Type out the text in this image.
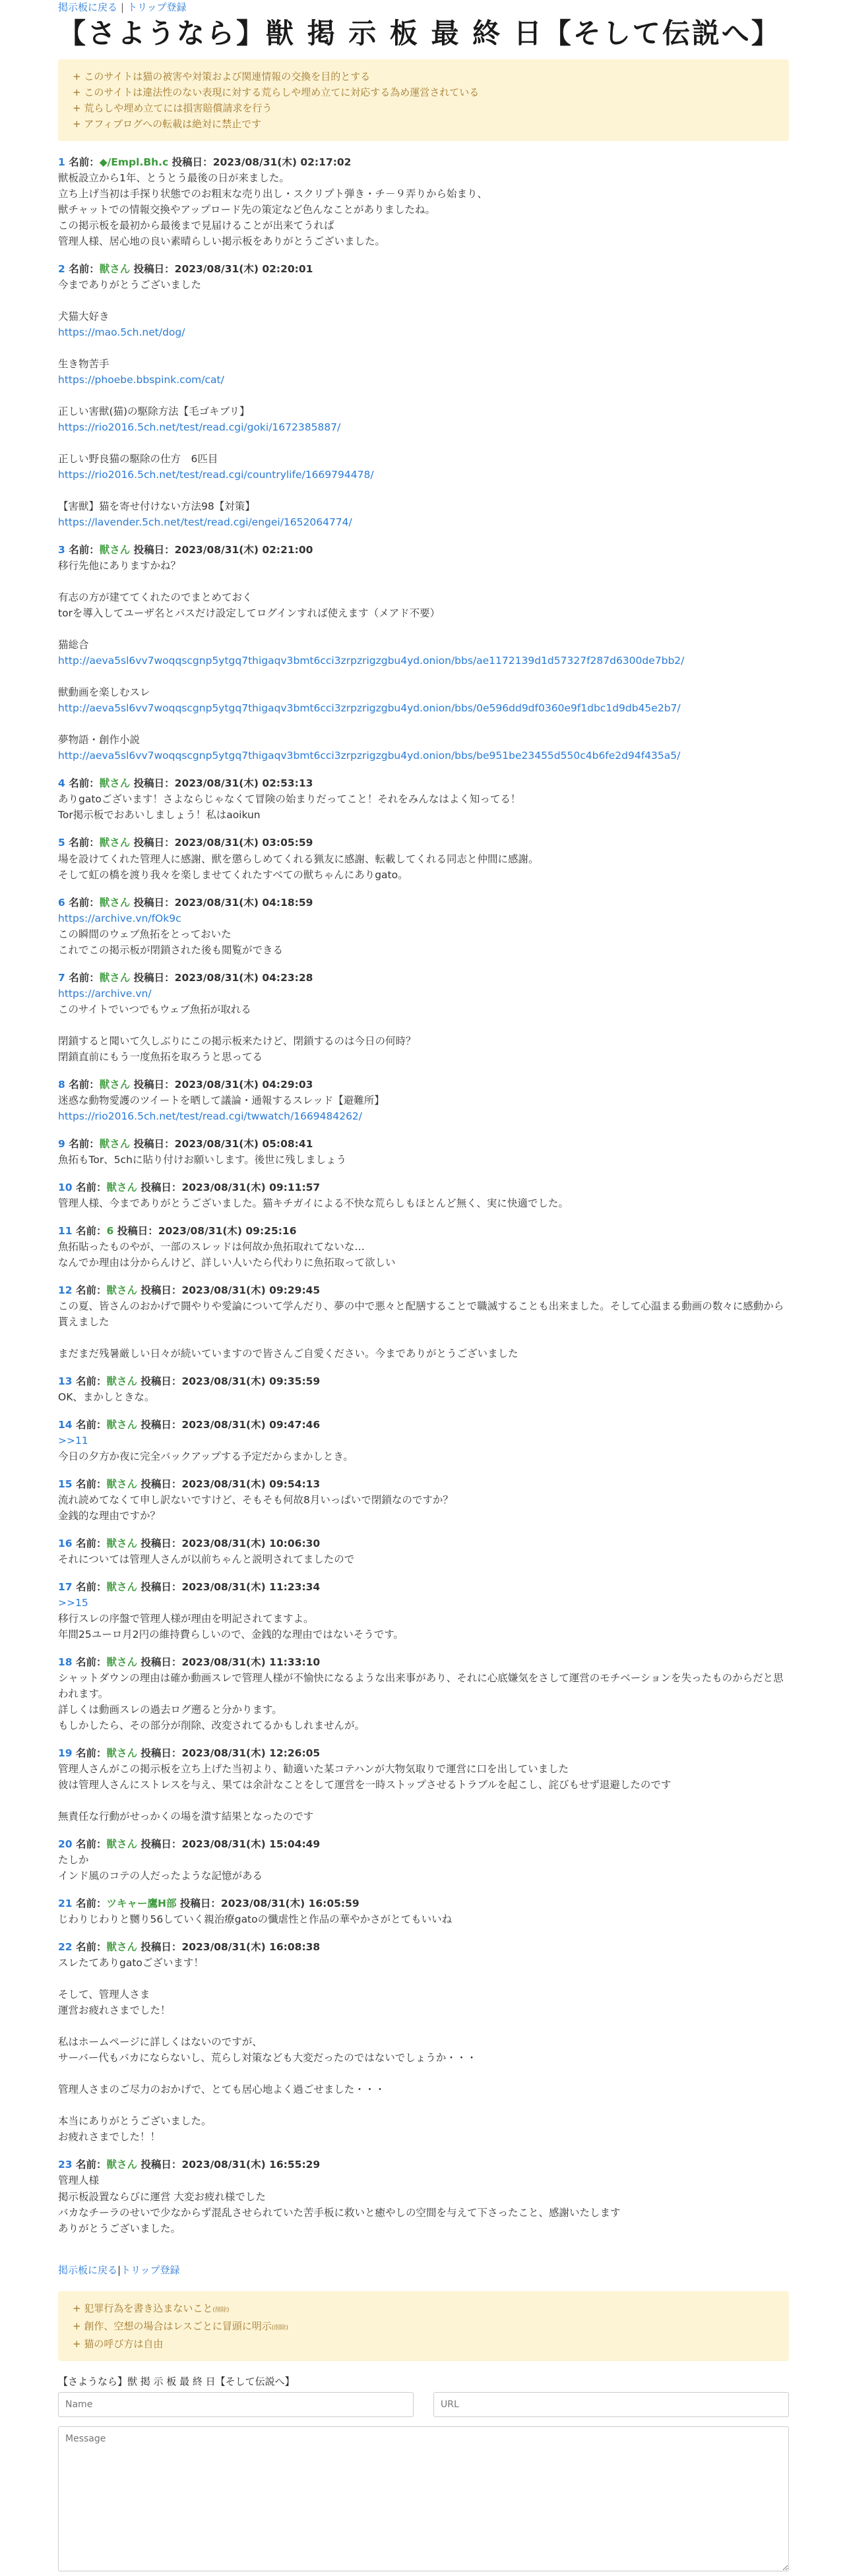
掲示板に戻る | トリップ登録
【さようなら】獣 掲 示 板 最 終 日【そして伝説へ】
+ このサイトは猫の被害や対策および関連情報の交換を目的とする
+ このサイトは違法性のない表現に対する荒らしや埋め立てに対応する為め運営されている
+ 荒らしや埋め立てには損害賠償請求を行う
+ アフィブログへの転載は絶対に禁止です
1 名前：◆/Empl.Bh.c 投稿日：2023/08/31(木) 02:17:02
獣板設立から1年、とうとう最後の日が来ました。
立ち上げ当初は手探り状態でのお粗末な売り出し・スクリプト弾き・チ－９弄りから始まり、
獣チャットでの情報交換やアップロード先の策定など色んなことがありましたね。
この掲示板を最初から最後まで見届けることが出来てうれぱ
管理人様、居心地の良い素晴らしい掲示板をありがとうございました。
2 名前：獣さん 投稿日：2023/08/31(木) 02:20:01
今までありがとうございました
犬猫大好き
https://mao.5ch.net/dog/
生き物苦手
https://phoebe.bbspink.com/cat/
正しい害獣(猫)の駆除方法【毛ゴキブリ】
https://rio2016.5ch.net/test/read.cgi/goki/1672385887/
正しい野良猫の駆除の仕方　6匹目
https://rio2016.5ch.net/test/read.cgi/countrylife/1669794478/
【害獣】猫を寄せ付けない方法98【対策】
https://lavender.5ch.net/test/read.cgi/engei/1652064774/
3 名前：獣さん 投稿日：2023/08/31(木) 02:21:00
移行先他にありますかね？
有志の方が建ててくれたのでまとめておく
torを導入してユーザ名とパスだけ設定してログインすれば使えます（メアド不要）
猫総合
http://aeva5sl6vv7woqqscgnp5ytgq7thigaqv3bmt6cci3zrpzrigzgbu4yd.onion/bbs/ae1172139d1d57327f287d6300de7bb2/
獣動画を楽しむスレ
http://aeva5sl6vv7woqqscgnp5ytgq7thigaqv3bmt6cci3zrpzrigzgbu4yd.onion/bbs/0e596dd9df0360e9f1dbc1d9db45e2b7/
夢物語・創作小説
http://aeva5sl6vv7woqqscgnp5ytgq7thigaqv3bmt6cci3zrpzrigzgbu4yd.onion/bbs/be951be23455d550c4b6fe2d94f435a5/
4 名前：獣さん 投稿日：2023/08/31(木) 02:53:13
ありgatoございます！さよならじゃなくて冒険の始まりだってこと！それをみんなはよく知ってる！
Tor掲示板でおあいしましょう！私はaoikun
5 名前：獣さん 投稿日：2023/08/31(木) 03:05:59
場を設けてくれた管理人に感謝、獣を懲らしめてくれる猟友に感謝、転載してくれる同志と仲間に感謝。
そして虹の橋を渡り我々を楽しませてくれたすべての獣ちゃんにありgato。
6 名前：獣さん 投稿日：2023/08/31(木) 04:18:59
https://archive.vn/fOk9c
この瞬間のウェブ魚拓をとっておいた
これでこの掲示板が閉鎖された後も閲覧ができる
7 名前：獣さん 投稿日：2023/08/31(木) 04:23:28
https://archive.vn/
このサイトでいつでもウェブ魚拓が取れる
閉鎖すると聞いて久しぶりにこの掲示板来たけど、閉鎖するのは今日の何時？
閉鎖直前にもう一度魚拓を取ろうと思ってる
8 名前：獣さん 投稿日：2023/08/31(木) 04:29:03
迷惑な動物愛護のツイートを晒して議論・通報するスレッド【避難所】
https://rio2016.5ch.net/test/read.cgi/twwatch/1669484262/
9 名前：獣さん 投稿日：2023/08/31(木) 05:08:41
魚拓もTor、5chに貼り付けお願いします。後世に残しましょう
10 名前：獣さん 投稿日：2023/08/31(木) 09:11:57
管理人様、今までありがとうございました。猫キチガイによる不快な荒らしもほとんど無く、実に快適でした。
11 名前：6 投稿日：2023/08/31(木) 09:25:16
魚拓貼ったものやが、一部のスレッドは何故か魚拓取れてないな…
なんでか理由は分からんけど、詳しい人いたら代わりに魚拓取って欲しい
12 名前：獣さん 投稿日：2023/08/31(木) 09:29:45
この夏、皆さんのおかげで闘やりや愛論について学んだり、夢の中で悪々と配膳することで職滅することも出来ました。そして心温まる動画の数々に感動から貰えました
まだまだ残暑厳しい日々が続いていますので皆さんご自愛ください。今までありがとうございました
13 名前：獣さん 投稿日：2023/08/31(木) 09:35:59
OK、まかしときな。
14 名前：獣さん 投稿日：2023/08/31(木) 09:47:46
>>11
今日の夕方か夜に完全バックアップする予定だからまかしとき。
15 名前：獣さん 投稿日：2023/08/31(木) 09:54:13
流れ読めてなくて申し訳ないですけど、そもそも何故8月いっぱいで閉鎖なのですか？
金銭的な理由ですか？
16 名前：獣さん 投稿日：2023/08/31(木) 10:06:30
それについては管理人さんが以前ちゃんと説明されてましたので
17 名前：獣さん 投稿日：2023/08/31(木) 11:23:34
>>15
移行スレの序盤で管理人様が理由を明記されてますよ。
年間25ユーロ月2円の維持費らしいので、金銭的な理由ではないそうです。
18 名前：獣さん 投稿日：2023/08/31(木) 11:33:10
シャットダウンの理由は確か動画スレで管理人様が不愉快になるような出来事があり、それに心底嫌気をさして運営のモチベーションを失ったものからだと思われます。
詳しくは動画スレの過去ログ遡ると分かります。
もしかしたら、その部分が削除、改変されてるかもしれませんが。
19 名前：獣さん 投稿日：2023/08/31(木) 12:26:05
管理人さんがこの掲示板を立ち上げた当初より、勧適いた某コテハンが大物気取りで運営に口を出していました
彼は管理人さんにストレスを与え、果ては余計なことをして運営を一時ストップさせるトラブルを起こし、詫びもせず退避したのです
無責任な行動がせっかくの場を潰す結果となったのです
20 名前：獣さん 投稿日：2023/08/31(木) 15:04:49
たしか
インド風のコテの人だったような記憶がある
21 名前：ツキャー鷹H部 投稿日：2023/08/31(木) 16:05:59
じわりじわりと嬲り56していく親治療gatoの懺虐性と作品の華やかさがとてもいいね
22 名前：獣さん 投稿日：2023/08/31(木) 16:08:38
スレたてありgatoございます！
そして、管理人さま
運営お疲れさまでした！
私はホームページに詳しくはないのですが、
サーバー代もバカにならないし、荒らし対策なども大変だったのではないでしょうか・・・
管理人さまのご尽力のおかげで、とても居心地よく過ごせました・・・
本当にありがとうございました。
お疲れさまでした！！
23 名前：獣さん 投稿日：2023/08/31(木) 16:55:29
管理人様
掲示板設置ならびに運営 大変お疲れ様でした
バカなチーラのせいで少なからず混乱させられていた苦手板に救いと癒やしの空間を与えて下さったこと、感謝いたします
ありがとうございました。
掲示板に戻る|トリップ登録
+ 犯罪行為を書き込まないこと(削除)
+ 創作、空想の場合はレスごとに冒頭に明示(削除)
+ 猫の呼び方は自由
【さようなら】獣 掲 示 板 最 終 日【そして伝説へ】
Name
URL
Message
